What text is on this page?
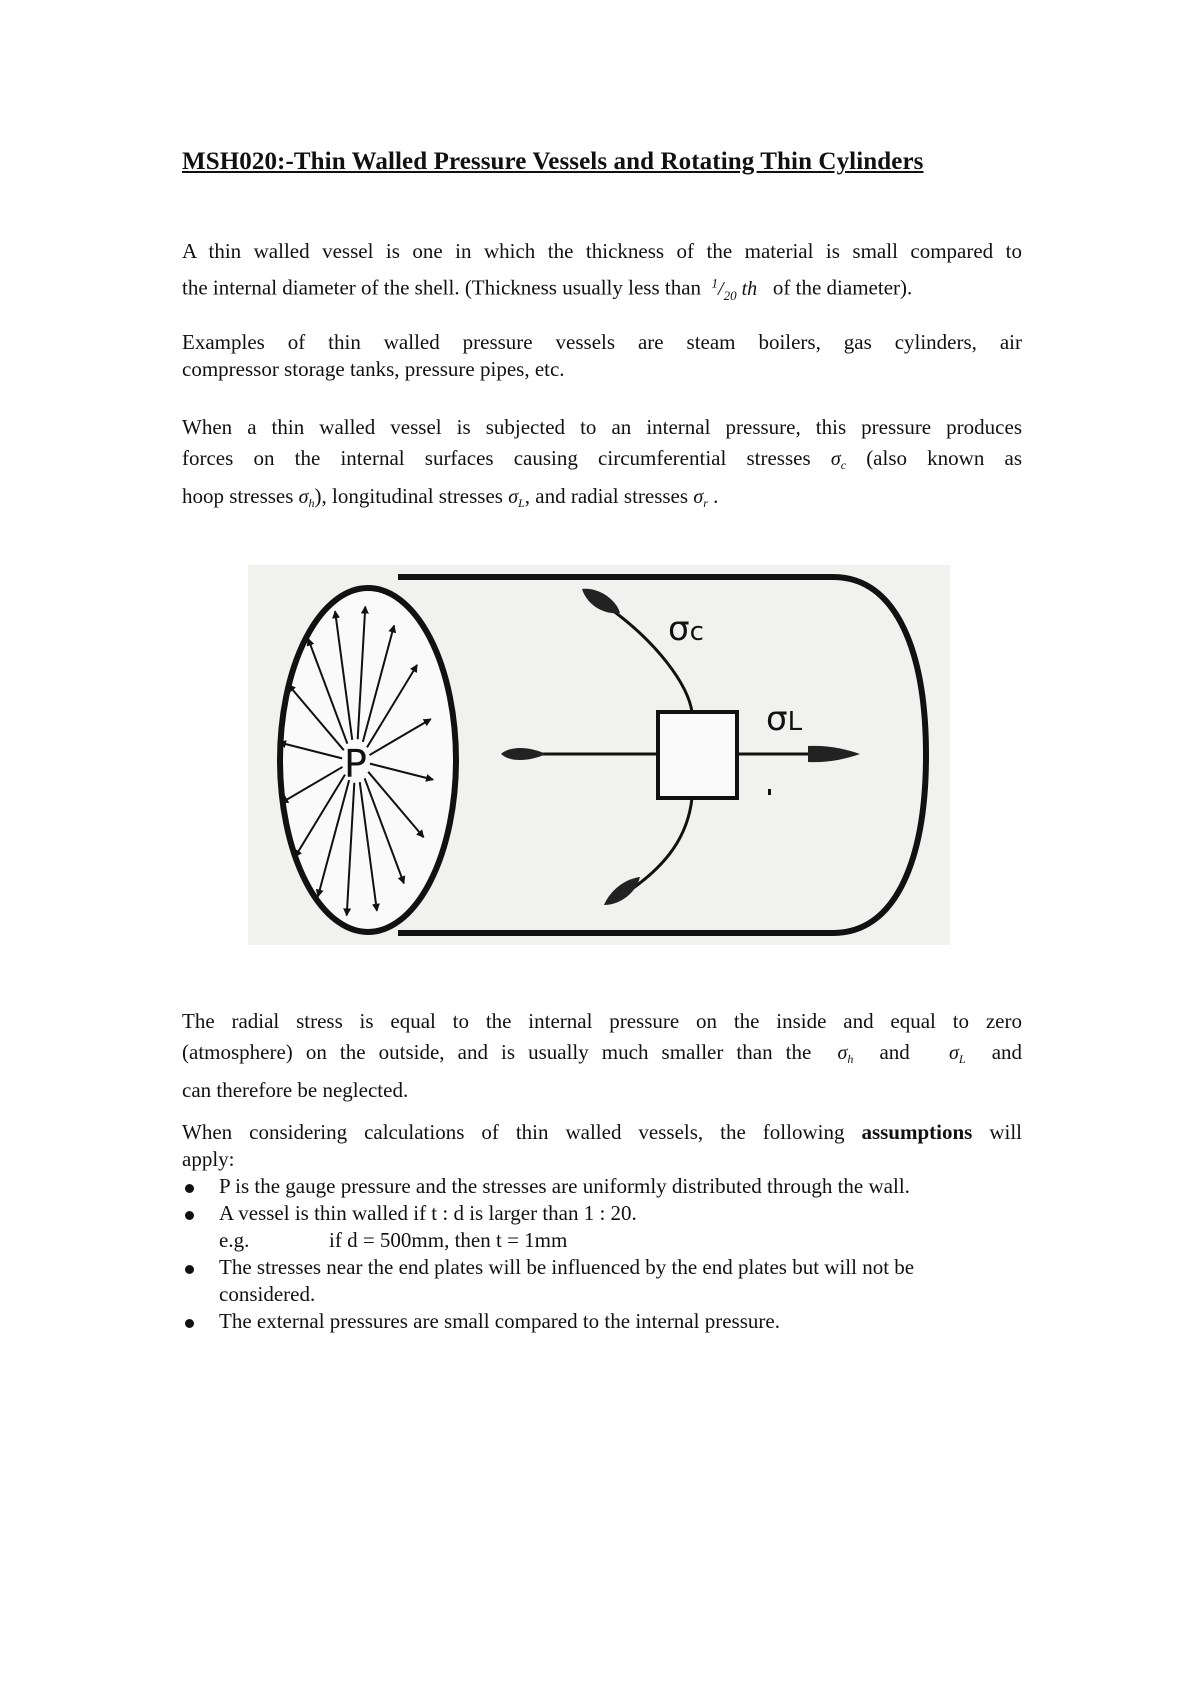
MSH020:-Thin Walled Pressure Vessels and Rotating Thin Cylinders
A thin walled vessel is one in which the thickness of the material is small compared to
the internal diameter of the shell. (Thickness usually less than $^1/_{20}$ th of the diameter).
Examples of thin walled pressure vessels are steam boilers, gas cylinders, air
compressor storage tanks, pressure pipes, etc.
When a thin walled vessel is subjected to an internal pressure, this pressure produces
forces on the internal surfaces causing circumferential stresses $\sigma_c$ (also known as
hoop stresses $\sigma_h$), longitudinal stresses $\sigma_L$, and radial stresses $\sigma_r$ .
P
σc
σL
The radial stress is equal to the internal pressure on the inside and equal to zero
(atmosphere) on the outside, and is usually much smaller than the $\sigma_h$ and $\sigma_L$ and
can therefore be neglected.
When considering calculations of thin walled vessels, the following assumptions will
apply:
P is the gauge pressure and the stresses are uniformly distributed through the wall.
A vessel is thin walled if t : d is larger than 1 : 20.
e.g.	if d = 500mm, then t = 1mm
The stresses near the end plates will be influenced by the end plates but will not be
considered.
The external pressures are small compared to the internal pressure.
